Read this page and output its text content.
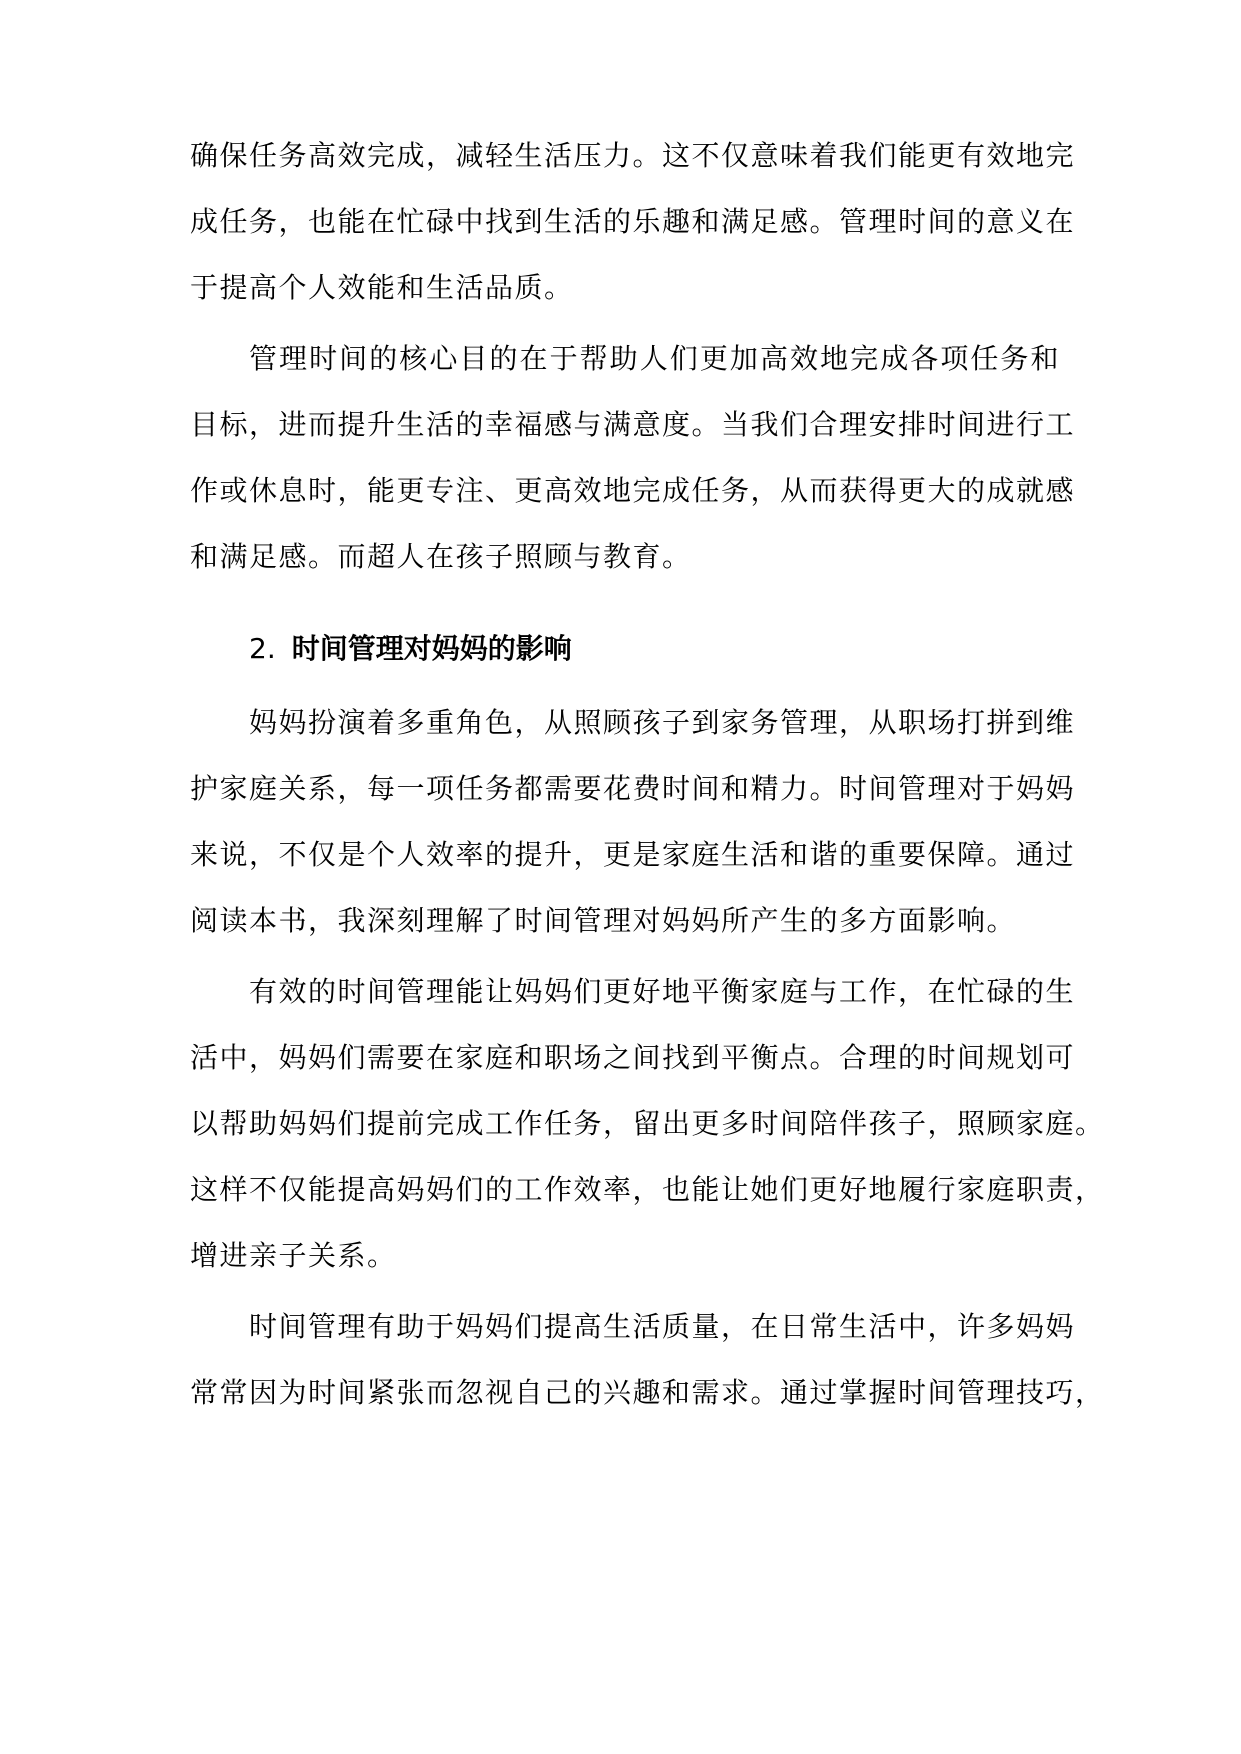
确保任务高效完成，减轻生活压力。这不仅意味着我们能更有效地完
成任务，也能在忙碌中找到生活的乐趣和满足感。管理时间的意义在
于提高个人效能和生活品质。
管理时间的核心目的在于帮助人们更加高效地完成各项任务和
目标，进而提升生活的幸福感与满意度。当我们合理安排时间进行工
作或休息时，能更专注、更高效地完成任务，从而获得更大的成就感
和满足感。而超人在孩子照顾与教育。
2. 时间管理对妈妈的影响
妈妈扮演着多重角色，从照顾孩子到家务管理，从职场打拼到维
护家庭关系，每一项任务都需要花费时间和精力。时间管理对于妈妈
来说，不仅是个人效率的提升，更是家庭生活和谐的重要保障。通过
阅读本书，我深刻理解了时间管理对妈妈所产生的多方面影响。
有效的时间管理能让妈妈们更好地平衡家庭与工作，在忙碌的生
活中，妈妈们需要在家庭和职场之间找到平衡点。合理的时间规划可
以帮助妈妈们提前完成工作任务，留出更多时间陪伴孩子，照顾家庭。
这样不仅能提高妈妈们的工作效率，也能让她们更好地履行家庭职责，
增进亲子关系。
时间管理有助于妈妈们提高生活质量，在日常生活中，许多妈妈
常常因为时间紧张而忽视自己的兴趣和需求。通过掌握时间管理技巧，
